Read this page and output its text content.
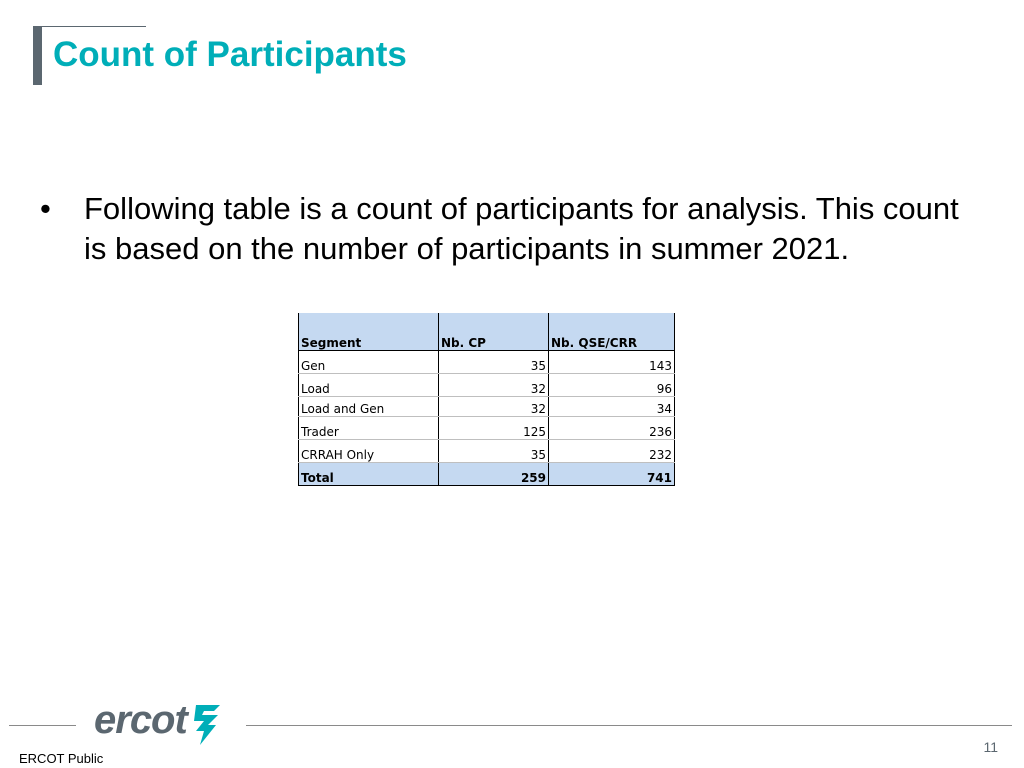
Count of Participants
•	Following table is a count of participants for analysis. This count is based on the number of participants in summer 2021.
Segment	Nb. CP	Nb. QSE/CRR
Gen	35	143
Load	32	96
Load and Gen	32	34
Trader	125	236
CRRAH Only	35	232
Total	259	741
ercot
11
ERCOT Public
